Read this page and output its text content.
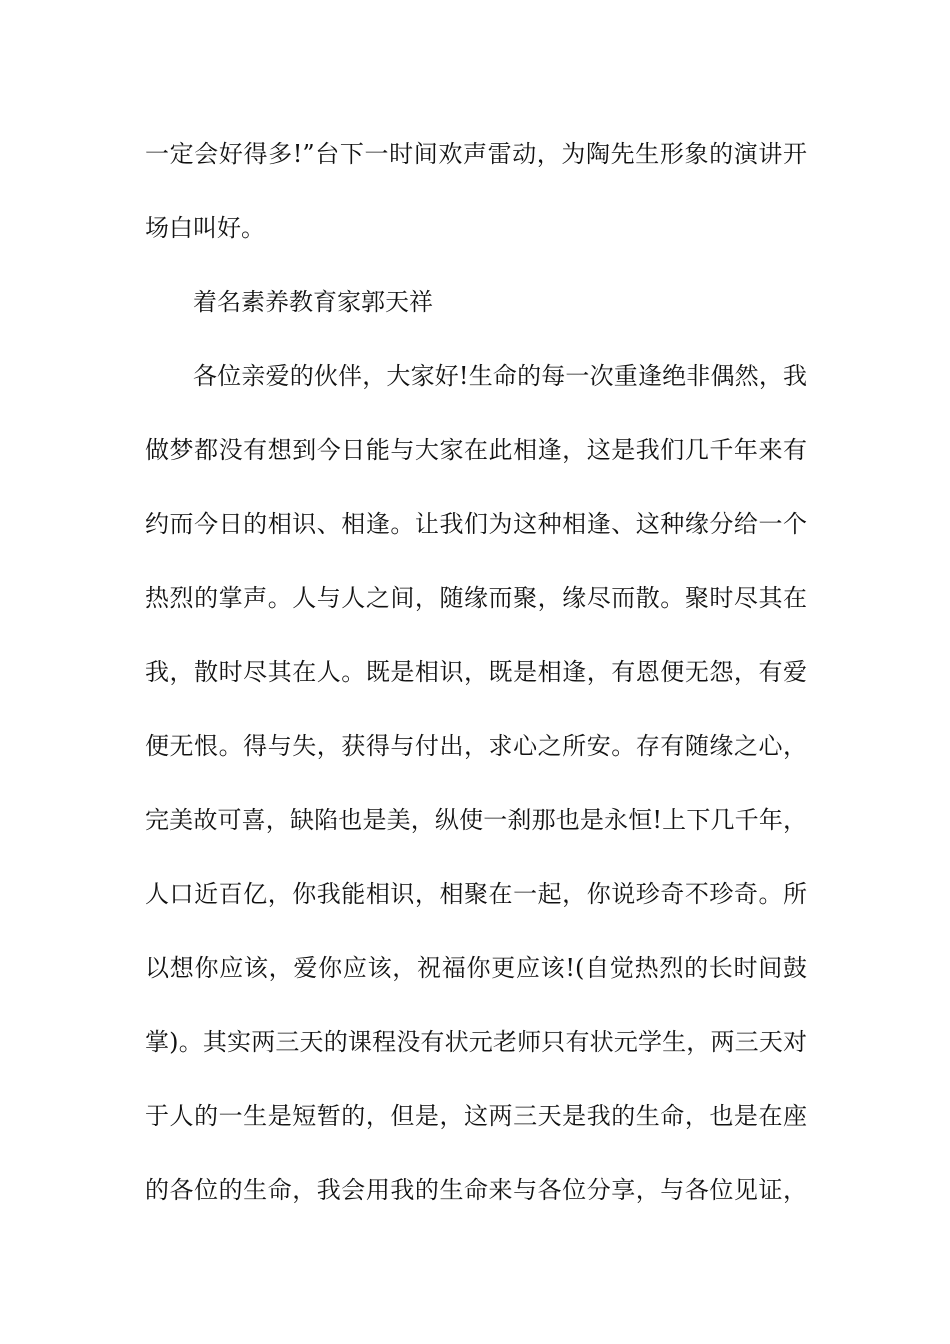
一定会好得多!”台下一时间欢声雷动，为陶先生形象的演讲开
场白叫好。
着名素养教育家郭天祥
各位亲爱的伙伴，大家好!生命的每一次重逢绝非偶然，我
做梦都没有想到今日能与大家在此相逢，这是我们几千年来有
约而今日的相识、相逢。让我们为这种相逢、这种缘分给一个
热烈的掌声。人与人之间，随缘而聚，缘尽而散。聚时尽其在
我，散时尽其在人。既是相识，既是相逢，有恩便无怨，有爱
便无恨。得与失，获得与付出，求心之所安。存有随缘之心，
完美故可喜，缺陷也是美，纵使一刹那也是永恒!上下几千年，
人口近百亿，你我能相识，相聚在一起，你说珍奇不珍奇。所
以想你应该，爱你应该，祝福你更应该!(自觉热烈的长时间鼓
掌)。其实两三天的课程没有状元老师只有状元学生，两三天对
于人的一生是短暂的，但是，这两三天是我的生命，也是在座
的各位的生命，我会用我的生命来与各位分享，与各位见证，
